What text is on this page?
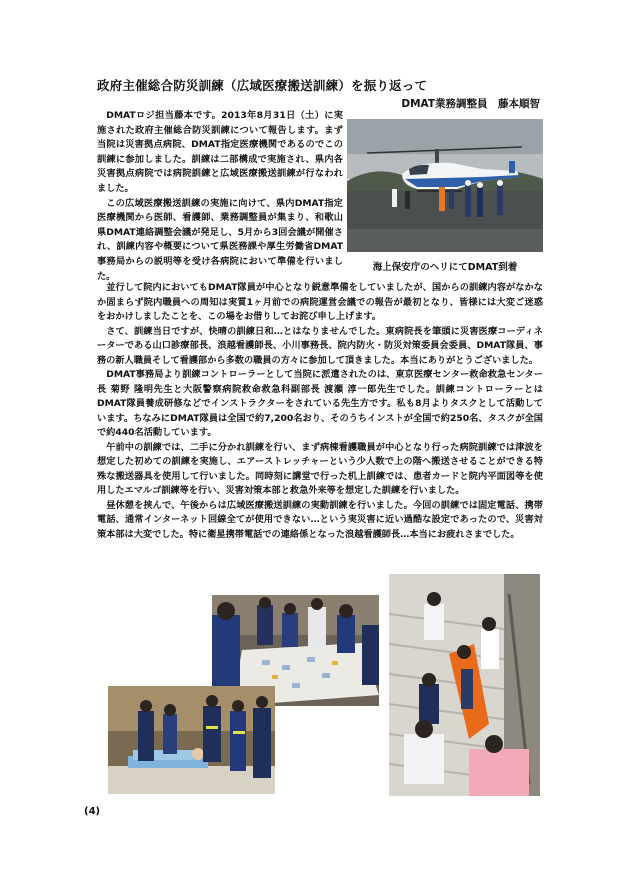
政府主催総合防災訓練（広域医療搬送訓練）を振り返って
DMAT業務調整員　藤本順智

DMATロジ担当藤本です。2013年8月31日（土）に実施された政府主催総合防災訓練について報告します。まず当院は災害拠点病院、DMAT指定医療機関であるのでこの訓練に参加しました。訓練は二部構成で実施され、県内各災害拠点病院では病院訓練と広域医療搬送訓練が行なわれました。

この広域医療搬送訓練の実施に向けて、県内DMAT指定医療機関から医師、看護師、業務調整員が集まり、和歌山県DMAT連絡調整会議が発足し、5月から3回会議が開催され、訓練内容や概要について県医務課や厚生労働省DMAT事務局からの説明等を受け各病院において準備を行いました。

海上保安庁のヘリにてDMAT到着

並行して院内においてもDMAT隊員が中心となり鋭意準備をしていましたが、国からの訓練内容がなかなか固まらず院内職員への周知は実質1ヶ月前での病院運営会議での報告が最初となり、皆様には大変ご迷惑をおかけしましたことを、この場をお借りしてお詫び申し上げます。

さて、訓練当日ですが、快晴の訓練日和…とはなりませんでした。東病院長を筆頭に災害医療コーディネーターである山口診療部長、浪越看護師長、小川事務長、院内防火・防災対策委員会委員、DMAT隊員、事務の新人職員そして看護部から多数の職員の方々に参加して頂きました。本当にありがとうございました。

DMAT事務局より訓練コントローラーとして当院に派遣されたのは、東京医療センター救命救急センター長 菊野 隆明先生と大阪警察病院救命救急科副部長 渡瀬 淳一郎先生でした。訓練コントローラーとはDMAT隊員養成研修などでインストラクターをされている先生方です。私も8月よりタスクとして活動しています。ちなみにDMAT隊員は全国で約7,200名おり、そのうちインストが全国で約250名、タスクが全国で約440名活動しています。

午前中の訓練では、二手に分かれ訓練を行い、まず病棟看護職員が中心となり行った病院訓練では津波を想定した初めての訓練を実施し、エアーストレッチャーという少人数で上の階へ搬送させることができる特殊な搬送器具を使用して行いました。同時刻に講堂で行った机上訓練では、患者カードと院内平面図等を使用したエマルゴ訓練等を行い、災害対策本部と救急外来等を想定した訓練を行いました。

昼休憩を挟んで、午後からは広域医療搬送訓練の実動訓練を行いました。今回の訓練では固定電話、携帯電話、通常インターネット回線全てが使用できない…という実災害に近い過酷な設定であったので、災害対策本部は大変でした。特に衛星携帯電話での連絡係となった浪越看護師長…本当にお疲れさまでした。

(4)
